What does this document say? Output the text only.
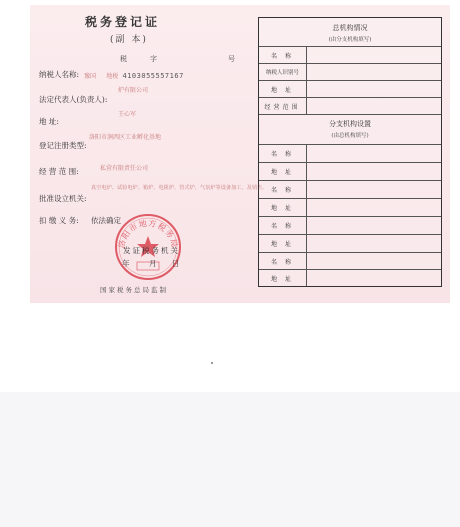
税务登记证
(副 本)
税	字	号
纳税人名称: 豫国 地税 4103055557167
炉有限公司
法定代表人(负责人):
王心军
地 址:
洛阳市涧西区工业孵化基地
登记注册类型:
私营有限责任公司
经 营 范 围:
真空电炉、试验电炉、箱炉、电阻炉、管式炉、气氛炉等设备加工、及销售。
批准设立机关:
扣 缴 义 务: 依法确定
洛阳市地方税务局
发证税务机关
年 月 日
国家税务总局监制
总机构情况
(由分支机构填写)
名 称
纳税人识别号
地 址
经营范围
分支机构设置
(由总机构填写)
名 称
地 址
名 称
地 址
名 称
地 址
名 称
地 址
